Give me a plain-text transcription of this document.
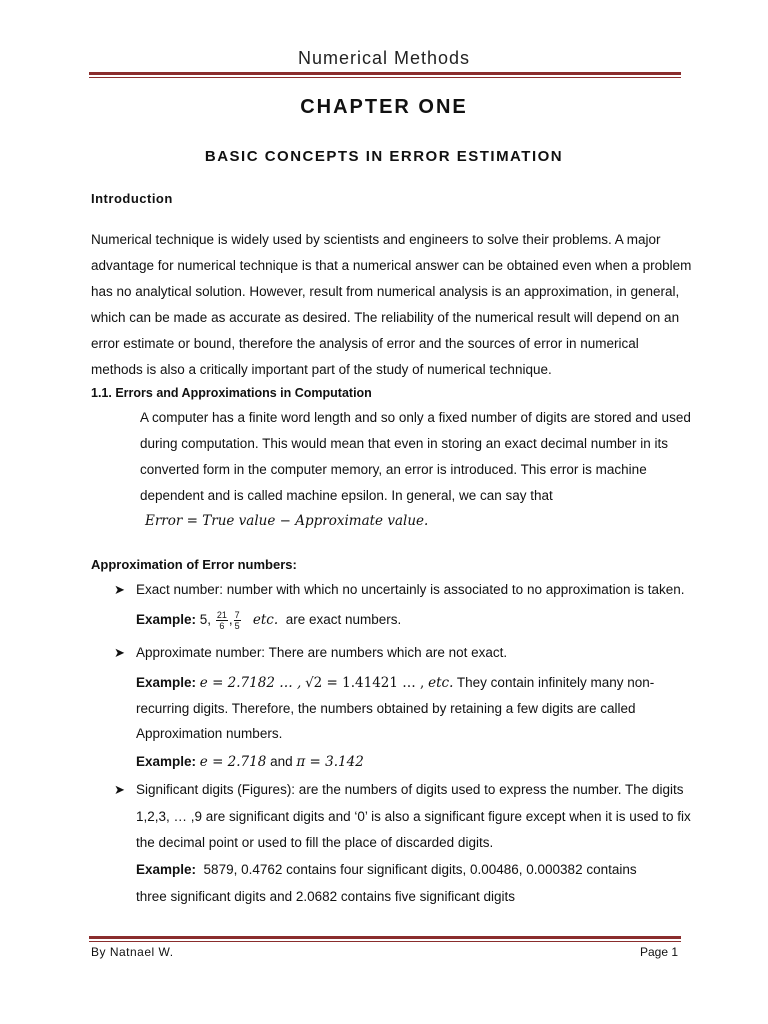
Numerical Methods
CHAPTER ONE
BASIC CONCEPTS IN ERROR ESTIMATION
Introduction
Numerical technique is widely used by scientists and engineers to solve their problems. A major
advantage for numerical technique is that a numerical answer can be obtained even when a problem
has no analytical solution. However, result from numerical analysis is an approximation, in general,
which can be made as accurate as desired. The reliability of the numerical result will depend on an
error estimate or bound, therefore the analysis of error and the sources of error in numerical
methods is also a critically important part of the study of numerical technique.
1.1. Errors and Approximations in Computation
A computer has a finite word length and so only a fixed number of digits are stored and used
during computation. This would mean that even in storing an exact decimal number in its
converted form in the computer memory, an error is introduced. This error is machine
dependent and is called machine epsilon. In general, we can say that
Error = True value − Approximate value.
Approximation of Error numbers:
➤ Exact number: number with which no uncertainly is associated to no approximation is taken.
Example: 5, $\frac{21}{6}$ , $\frac{7}{5}$ etc. are exact numbers.
➤ Approximate number: There are numbers which are not exact.
Example: e = 2.7182 … , √2 = 1.41421 … , etc. They contain infinitely many non-
recurring digits. Therefore, the numbers obtained by retaining a few digits are called
Approximation numbers.
Example: e = 2.718 and π = 3.142
➤ Significant digits (Figures): are the numbers of digits used to express the number. The digits
1,2,3, … ,9 are significant digits and ‘0’ is also a significant figure except when it is used to fix
the decimal point or used to fill the place of discarded digits.
Example: 5879, 0.4762 contains four significant digits, 0.00486, 0.000382 contains
three significant digits and 2.0682 contains five significant digits
By Natnael W.	Page 1
